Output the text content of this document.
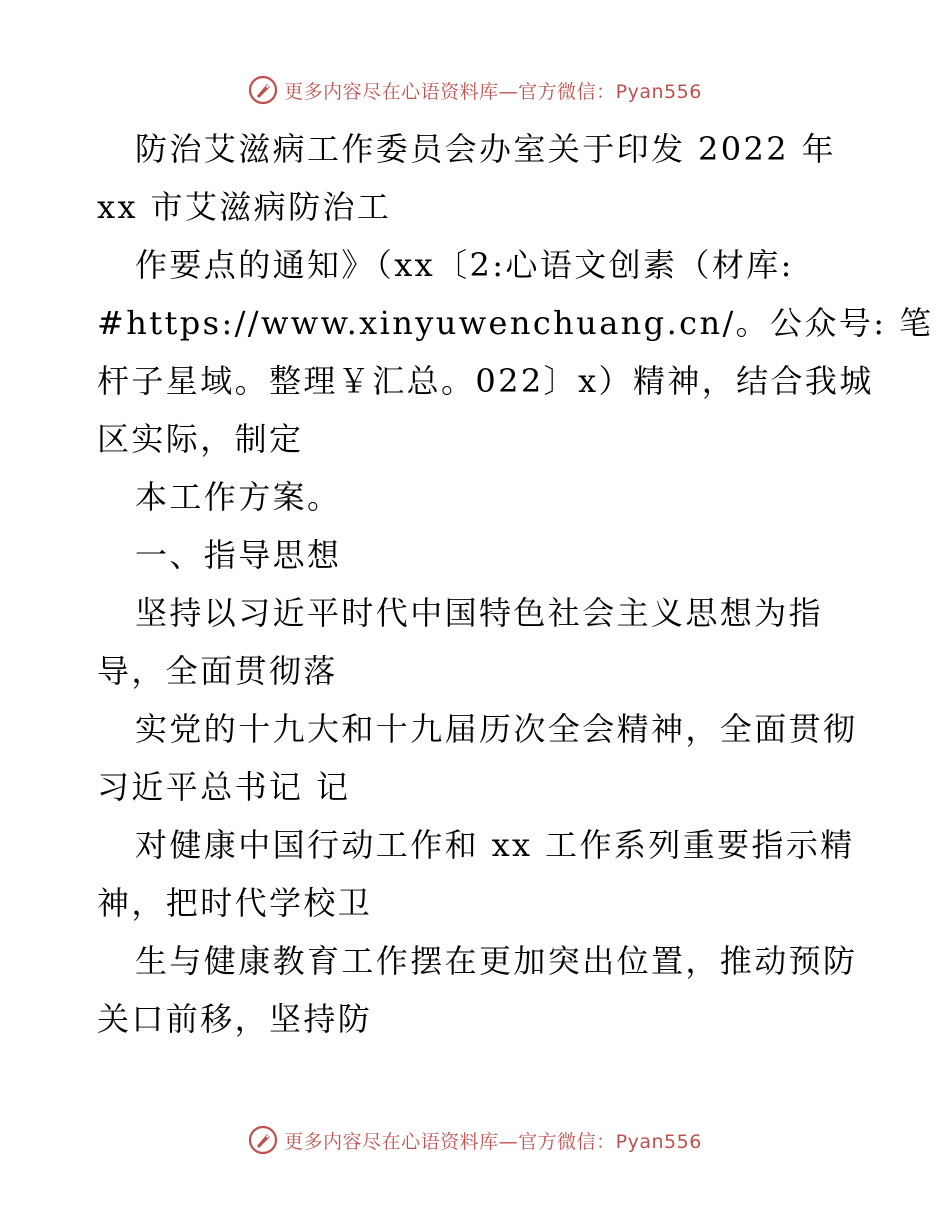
更多内容尽在心语资料库—官方微信：Pyan556
防治艾滋病工作委员会办室关于印发 2022 年
xx 市艾滋病防治工
作要点的通知》（xx〔2:心语文创素（材库:
#https://www.xinyuwenchuang.cn/。公众号: 笔
杆子星域。整理￥汇总。022〕x）精神，结合我城
区实际，制定
本工作方案。
一、指导思想
坚持以习近平时代中国特色社会主义思想为指
导，全面贯彻落
实党的十九大和十九届历次全会精神，全面贯彻
习近平总书记 记
对健康中国行动工作和 xx 工作系列重要指示精
神，把时代学校卫
生与健康教育工作摆在更加突出位置，推动预防
关口前移，坚持防
更多内容尽在心语资料库—官方微信：Pyan556
